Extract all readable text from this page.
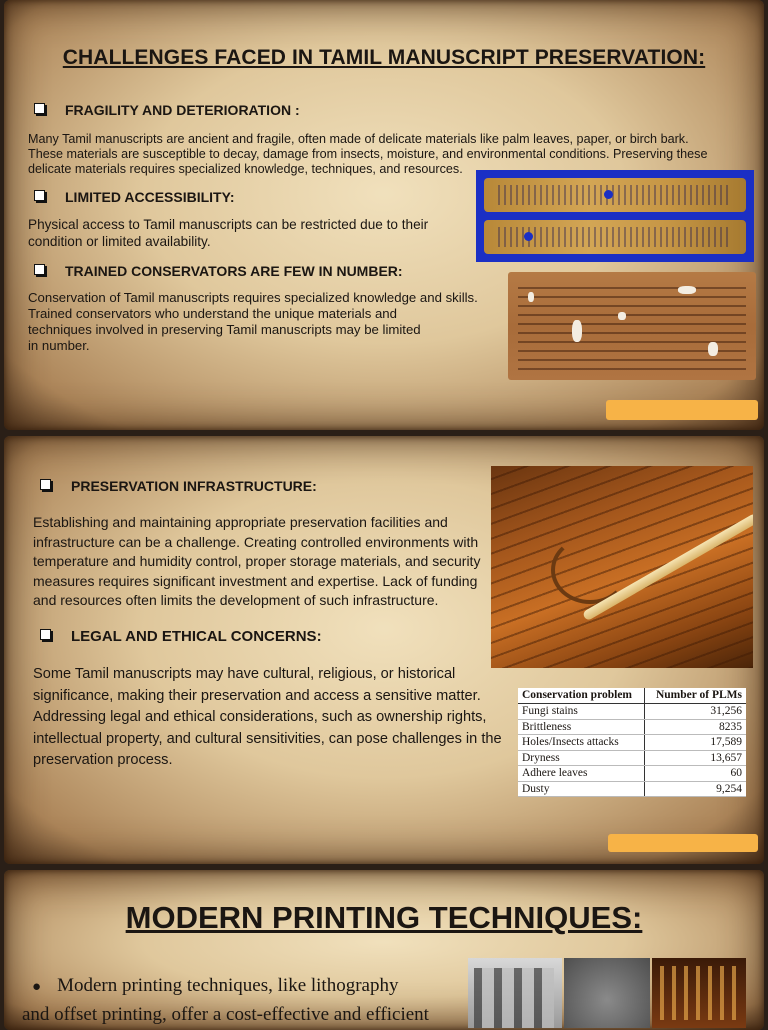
CHALLENGES FACED IN TAMIL MANUSCRIPT PRESERVATION:
FRAGILITY AND DETERIORATION :
Many Tamil manuscripts are ancient and fragile, often made of delicate materials like palm leaves, paper, or birch bark.
These materials are susceptible to decay, damage from insects, moisture, and environmental conditions. Preserving these
delicate materials requires specialized knowledge, techniques, and resources.
LIMITED ACCESSIBILITY:
Physical access to Tamil manuscripts can be restricted due to their
condition or limited availability.
TRAINED CONSERVATORS ARE FEW IN NUMBER:
Conservation of Tamil manuscripts requires specialized knowledge and skills.
Trained conservators who understand the unique materials and
techniques involved in preserving Tamil manuscripts may be limited
in number.
PRESERVATION INFRASTRUCTURE:
Establishing and maintaining appropriate preservation facilities and
infrastructure can be a challenge. Creating controlled environments with
temperature and humidity control, proper storage materials, and security
measures requires significant investment and expertise. Lack of funding
and resources often limits the development of such infrastructure.
LEGAL AND ETHICAL CONCERNS:
Some Tamil manuscripts may have cultural, religious, or historical
significance, making their preservation and access a sensitive matter.
Addressing legal and ethical considerations, such as ownership rights,
intellectual property, and cultural sensitivities, can pose challenges in the
preservation process.
Conservation problem	Number of PLMs
Fungi stains	31,256
Brittleness	8235
Holes/Insects attacks	17,589
Dryness	13,657
Adhere leaves	60
Dusty	9,254
MODERN PRINTING TECHNIQUES:
● Modern printing techniques, like lithography
and offset printing, offer a cost-effective and efficient
